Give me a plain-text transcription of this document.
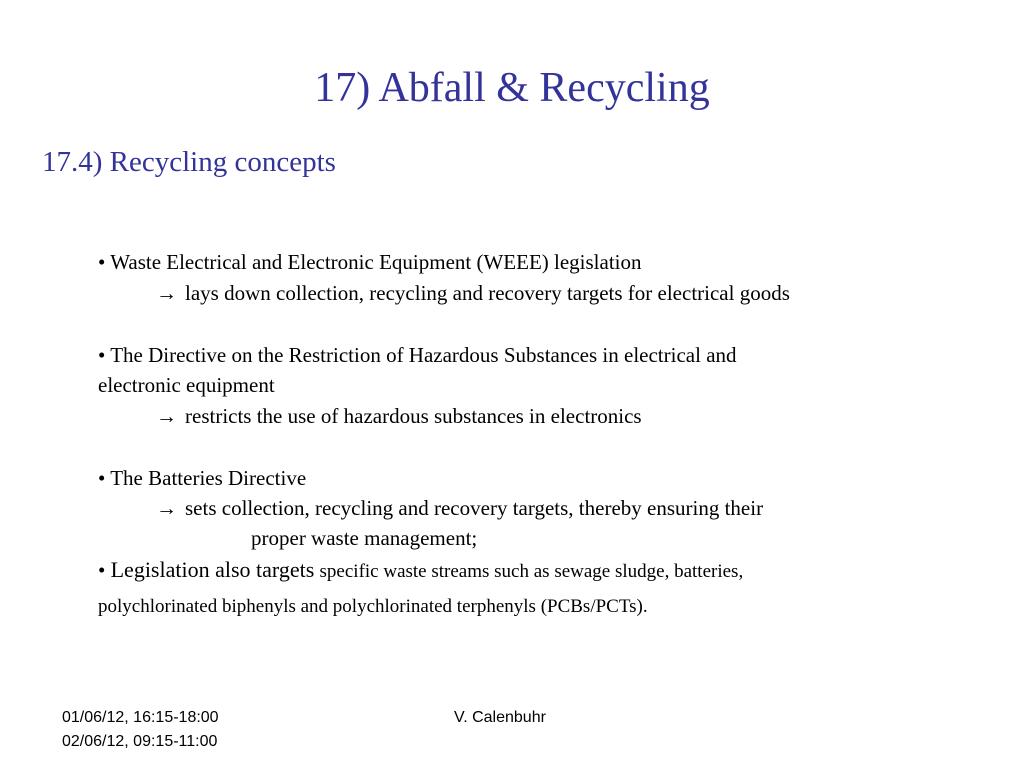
17) Abfall & Recycling
17.4) Recycling concepts
• Waste Electrical and Electronic Equipment (WEEE) legislation
→ lays down collection, recycling and recovery targets for electrical goods
• The Directive on the Restriction of Hazardous Substances in electrical and
electronic equipment
→ restricts the use of hazardous substances in electronics
• The Batteries Directive
→ sets collection, recycling and recovery targets, thereby ensuring their
proper waste management;
• Legislation also targets specific waste streams such as sewage sludge, batteries,
polychlorinated biphenyls and polychlorinated terphenyls (PCBs/PCTs).
01/06/12, 16:15-18:00
02/06/12, 09:15-11:00
V. Calenbuhr
